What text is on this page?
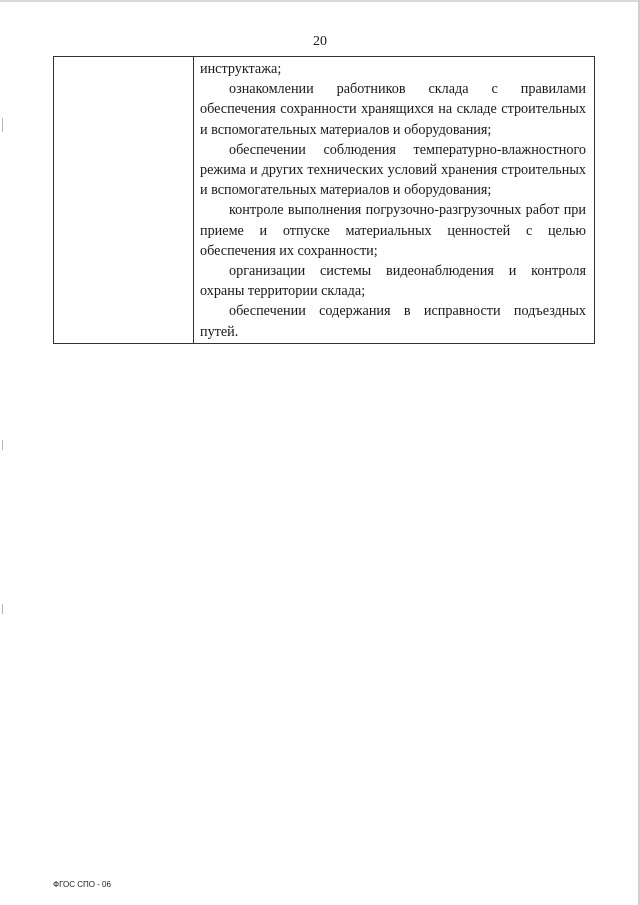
20

инструктажа;

ознакомлении работников склада с правилами обеспечения сохранности хранящихся на складе строительных и вспомогательных материалов и оборудования;

обеспечении соблюдения температурно-влажностного режима и других технических условий хранения строительных и вспомогательных материалов и оборудования;

контроле выполнения погрузочно-разгрузочных работ при приеме и отпуске материальных ценностей с целью обеспечения их сохранности;

организации системы видеонаблюдения и контроля охраны территории склада;

обеспечении содержания в исправности подъездных путей.

ФГОС СПО - 06
